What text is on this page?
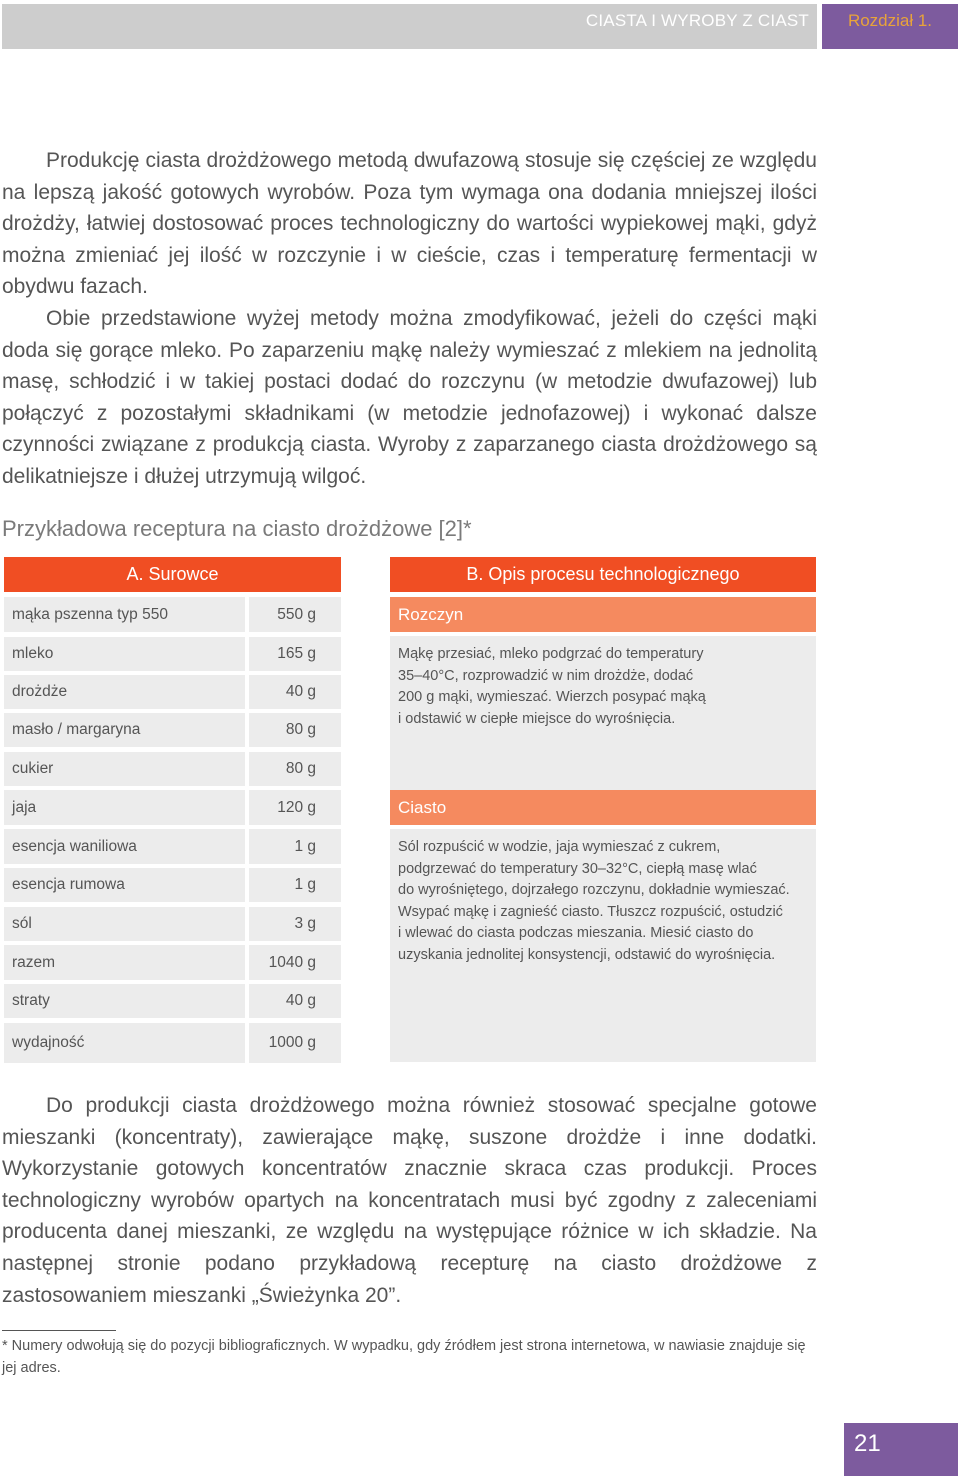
CIASTA I WYROBY Z CIAST	Rozdział 1.

Produkcję ciasta drożdżowego metodą dwufazową stosuje się częściej ze względu na lepszą jakość gotowych wyrobów. Poza tym wymaga ona dodania mniejszej ilości drożdży, łatwiej dostosować proces technologiczny do wartości wypiekowej mąki, gdyż można zmieniać jej ilość w rozczynie i w cieście, czas i temperaturę fermentacji w obydwu fazach.

Obie przedstawione wyżej metody można zmodyfikować, jeżeli do części mąki doda się gorące mleko. Po zaparzeniu mąkę należy wymieszać z mlekiem na jednolitą masę, schłodzić i w takiej postaci dodać do rozczynu (w metodzie dwufazowej) lub połączyć z pozostałymi składnikami (w metodzie jednofazowej) i wykonać dalsze czynności związane z produkcją ciasta. Wyroby z zaparzanego ciasta drożdżowego są delikatniejsze i dłużej utrzymują wilgoć.

Przykładowa receptura na ciasto drożdżowe [2]*
A. Surowce	B. Opis procesu technologicznego
mąka pszenna typ 550	550 g
mleko	165 g
drożdże	40 g
masło / margaryna	80 g
cukier	80 g
jaja	120 g
esencja waniliowa	1 g
esencja rumowa	1 g
sól	3 g
razem	1040 g
straty	40 g
wydajność	1000 g
Rozczyn

Mąkę przesiać, mleko podgrzać do temperatury
35–40°C, rozprowadzić w nim drożdże, dodać
200 g mąki, wymieszać. Wierzch posypać mąką
i odstawić w ciepłe miejsce do wyrośnięcia.

Ciasto

Sól rozpuścić w wodzie, jaja wymieszać z cukrem,
podgrzewać do temperatury 30–32°C, ciepłą masę wlać
do wyrośniętego, dojrzałego rozczynu, dokładnie wymieszać.
Wsypać mąkę i zagnieść ciasto. Tłuszcz rozpuścić, ostudzić
i wlewać do ciasta podczas mieszania. Miesić ciasto do
uzyskania jednolitej konsystencji, odstawić do wyrośnięcia.

Do produkcji ciasta drożdżowego można również stosować specjalne gotowe mieszanki (koncentraty), zawierające mąkę, suszone drożdże i inne dodatki. Wykorzystanie gotowych koncentratów znacznie skraca czas produkcji. Proces technologiczny wyrobów opartych na koncentratach musi być zgodny z zaleceniami producenta danej mieszanki, ze względu na występujące różnice w ich składzie. Na następnej stronie podano przykładową recepturę na ciasto drożdżowe z zastosowaniem mieszanki „Świeżynka 20”.

* Numery odwołują się do pozycji bibliograficznych. W wypadku, gdy źródłem jest strona internetowa, w nawiasie znajduje się jej adres.

21
